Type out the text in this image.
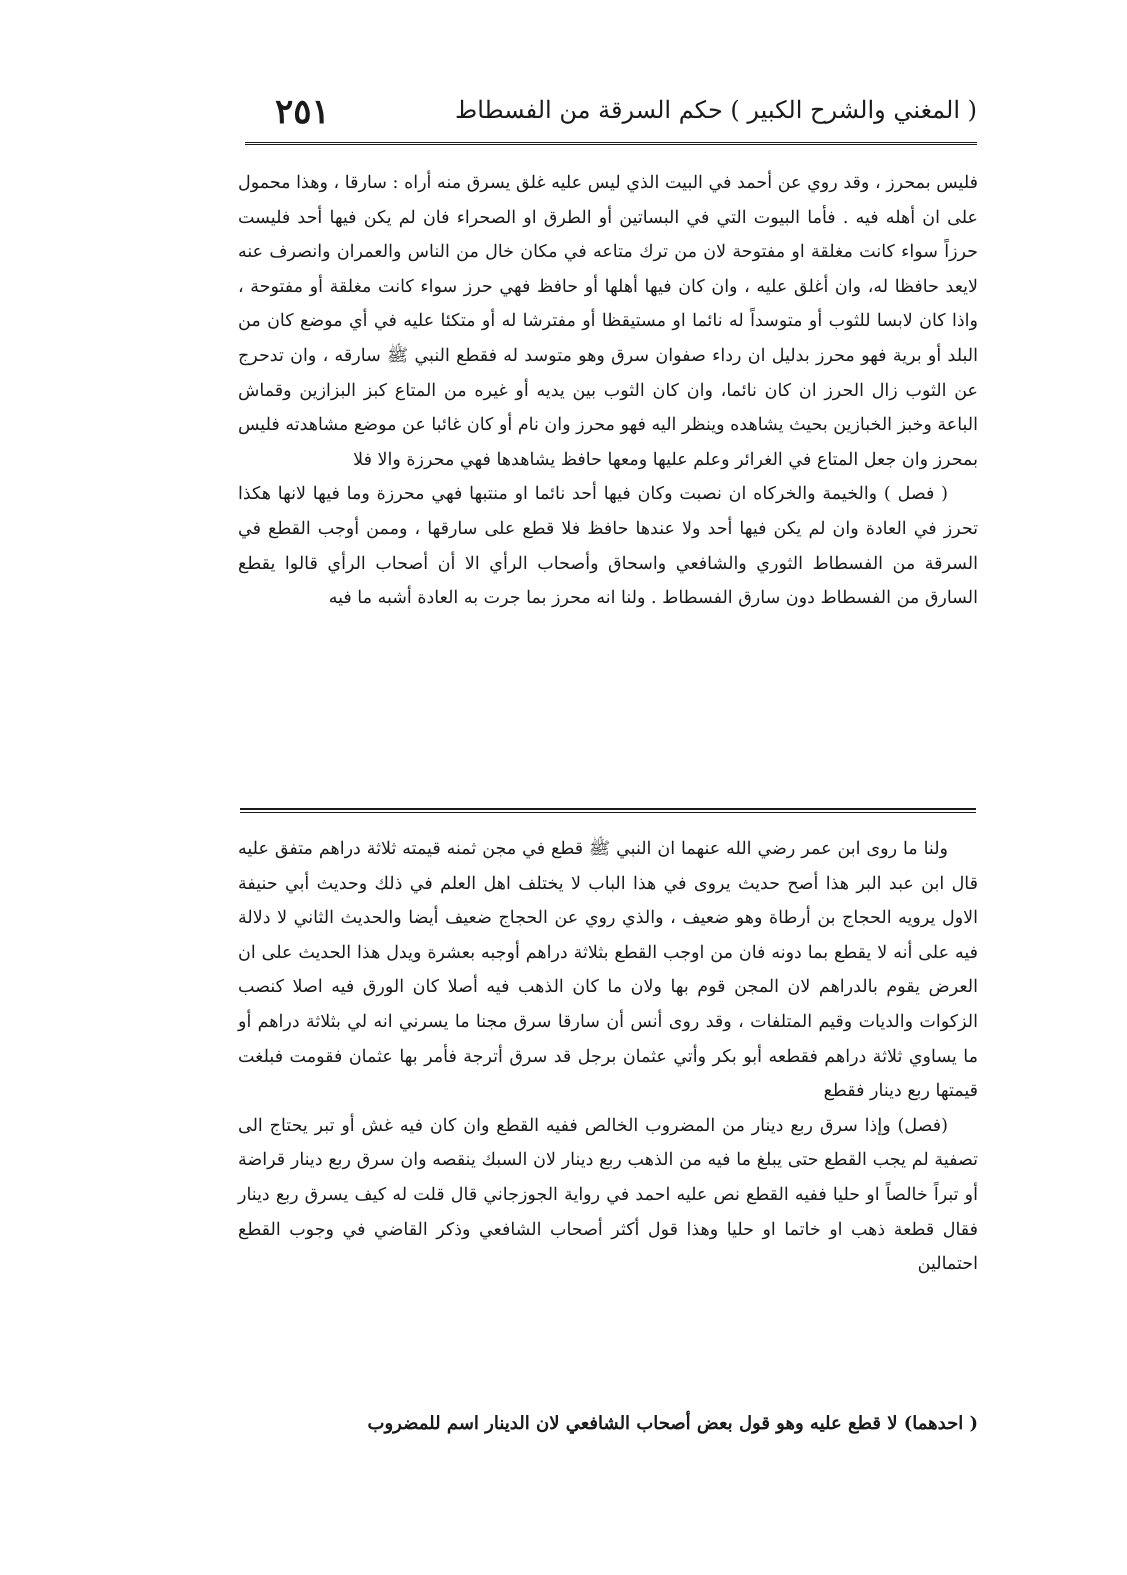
( المغني والشرح الكبير ) حكم السرقة من الفسطاط
٢٥١

فليس بمحرز ، وقد روي عن أحمد في البيت الذي ليس عليه غلق يسرق منه أراه : سارقا ، وهذا محمول على ان أهله فيه . فأما البيوت التي في البساتين أو الطرق او الصحراء فان لم يكن فيها أحد فليست حرزاً سواء كانت مغلقة او مفتوحة لان من ترك متاعه في مكان خال من الناس والعمران وانصرف عنه لايعد حافظا له، وان أغلق عليه ، وان كان فيها أهلها أو حافظ فهي حرز سواء كانت مغلقة أو مفتوحة ، واذا كان لابسا للثوب أو متوسداً له نائما او مستيقظا أو مفترشا له أو متكئا عليه في أي موضع كان من البلد أو برية فهو محرز بدليل ان رداء صفوان سرق وهو متوسد له فقطع النبي ﷺ سارقه ، وان تدحرج عن الثوب زال الحرز ان كان نائما، وان كان الثوب بين يديه أو غيره من المتاع كبز البزازين وقماش الباعة وخبز الخبازين بحيث يشاهده وينظر اليه فهو محرز وان نام أو كان غائبا عن موضع مشاهدته فليس بمحرز وان جعل المتاع في الغرائر وعلم عليها ومعها حافظ يشاهدها فهي محرزة والا فلا

( فصل ) والخيمة والخركاه ان نصبت وكان فيها أحد نائما او منتبها فهي محرزة وما فيها لانها هكذا تحرز في العادة وان لم يكن فيها أحد ولا عندها حافظ فلا قطع على سارقها ، وممن أوجب القطع في السرقة من الفسطاط الثوري والشافعي واسحاق وأصحاب الرأي الا أن أصحاب الرأي قالوا يقطع السارق من الفسطاط دون سارق الفسطاط . ولنا انه محرز بما جرت به العادة أشبه ما فيه

ولنا ما روى ابن عمر رضي الله عنهما ان النبي ﷺ قطع في مجن ثمنه قيمته ثلاثة دراهم متفق عليه قال ابن عبد البر هذا أصح حديث يروى في هذا الباب لا يختلف اهل العلم في ذلك وحديث أبي حنيفة الاول يرويه الحجاج بن أرطاة وهو ضعيف ، والذي روي عن الحجاج ضعيف أيضا والحديث الثاني لا دلالة فيه على أنه لا يقطع بما دونه فان من اوجب القطع بثلاثة دراهم أوجبه بعشرة ويدل هذا الحديث على ان العرض يقوم بالدراهم لان المجن قوم بها ولان ما كان الذهب فيه أصلا كان الورق فيه اصلا كنصب الزكوات والديات وقيم المتلفات ، وقد روى أنس أن سارقا سرق مجنا ما يسرني انه لي بثلاثة دراهم أو ما يساوي ثلاثة دراهم فقطعه أبو بكر وأتي عثمان برجل قد سرق أترجة فأمر بها عثمان فقومت فبلغت قيمتها ربع دينار فقطع

(فصل) وإذا سرق ربع دينار من المضروب الخالص ففيه القطع وان كان فيه غش أو تبر يحتاج الى تصفية لم يجب القطع حتى يبلغ ما فيه من الذهب ربع دينار لان السبك ينقصه وان سرق ربع دينار قراضة أو تبراً خالصاً او حليا ففيه القطع نص عليه احمد في رواية الجوزجاني قال قلت له كيف يسرق ربع دينار فقال قطعة ذهب او خاتما او حليا وهذا قول أكثر أصحاب الشافعي وذكر القاضي في وجوب القطع احتمالين

( احدهما) لا قطع عليه وهو قول بعض أصحاب الشافعي لان الدينار اسم للمضروب
